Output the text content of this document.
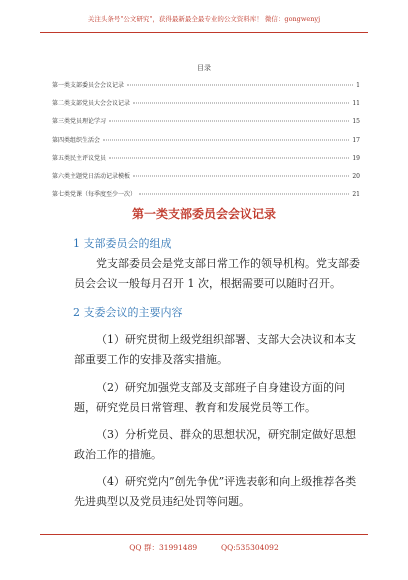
关注头条号"公文研究"，获得最新最全最专业的公文资料库！ 微信：gongwenyj
目录
第一类支部委员会会议记录	1
第二类支部党员大会会议记录	11
第三类党员理论学习	15
第四类组织生活会	17
第五类民主评议党员	19
第六类主题党日活动记录模板	20
第七类党课（每季度至少一次）	21
第一类支部委员会会议记录
1 支部委员会的组成
党支部委员会是党支部日常工作的领导机构。党支部委员会会议一般每月召开 1 次，根据需要可以随时召开。
2 支委会议的主要内容
（1）研究贯彻上级党组织部署、支部大会决议和本支部重要工作的安排及落实措施。
（2）研究加强党支部及支部班子自身建设方面的问题，研究党员日常管理、教育和发展党员等工作。
（3）分析党员、群众的思想状况，研究制定做好思想政治工作的措施。
（4）研究党内”创先争优”评选表彰和向上级推荐各类先进典型以及党员违纪处罚等问题。
QQ 群：31991489          QQ:535304092
